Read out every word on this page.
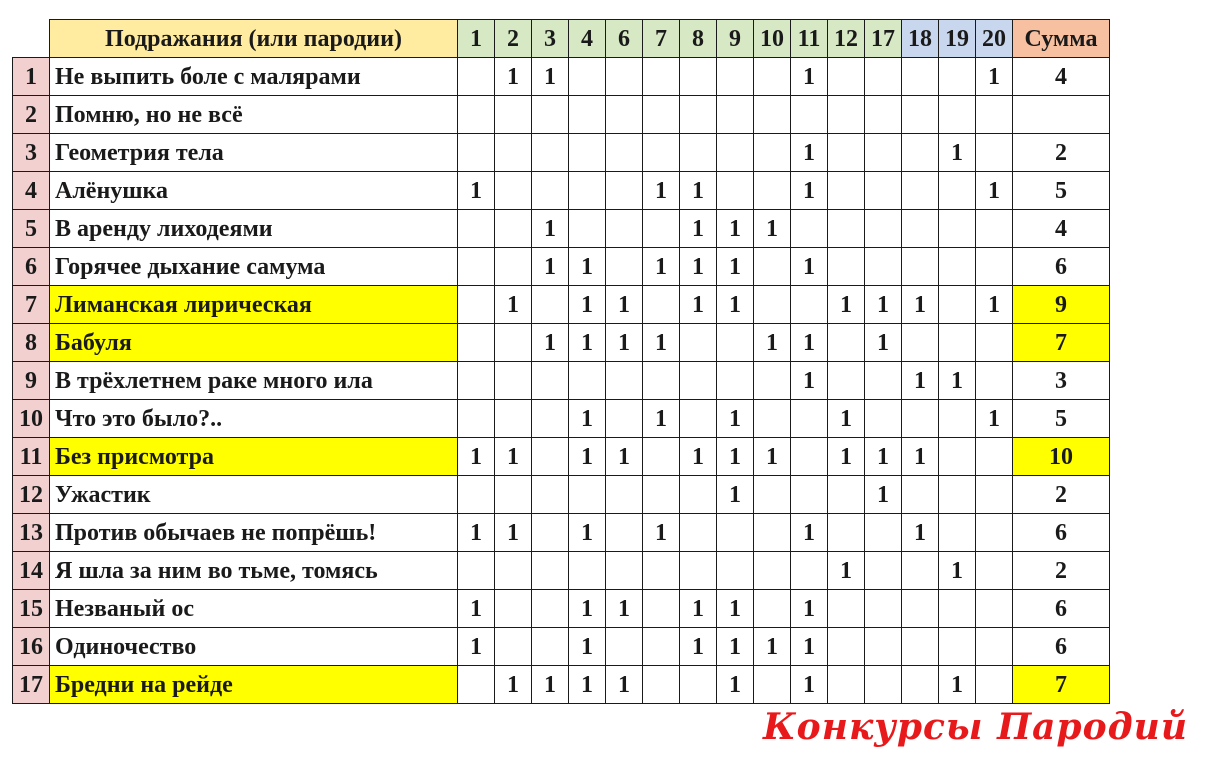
	Подражания (или пародии)	1	2	3	4	6	7	8	9	10	11	12	17	18	19	20	Сумма
1	Не выпить боле с малярами		1	1							1					1	4
2	Помню, но не всё																
3	Геометрия тела										1				1		2
4	Алёнушка	1					1	1			1					1	5
5	В аренду лиходеями			1				1	1	1							4
6	Горячее дыхание самума			1	1		1	1	1		1						6
7	Лиманская лирическая		1		1	1		1	1			1	1	1		1	9
8	Бабуля			1	1	1	1			1	1		1				7
9	В трёхлетнем раке много ила										1			1	1		3
10	Что это было?..				1		1		1			1				1	5
11	Без присмотра	1	1		1	1		1	1	1		1	1	1			10
12	Ужастик								1				1				2
13	Против обычаев не попрёшь!	1	1		1		1				1			1			6
14	Я шла за ним во тьме, томясь											1			1		2
15	Незваный ос	1			1	1		1	1		1						6
16	Одиночество	1			1			1	1	1	1						6
17	Бредни на рейде		1	1	1	1			1		1				1		7
Конкурсы Пародий
